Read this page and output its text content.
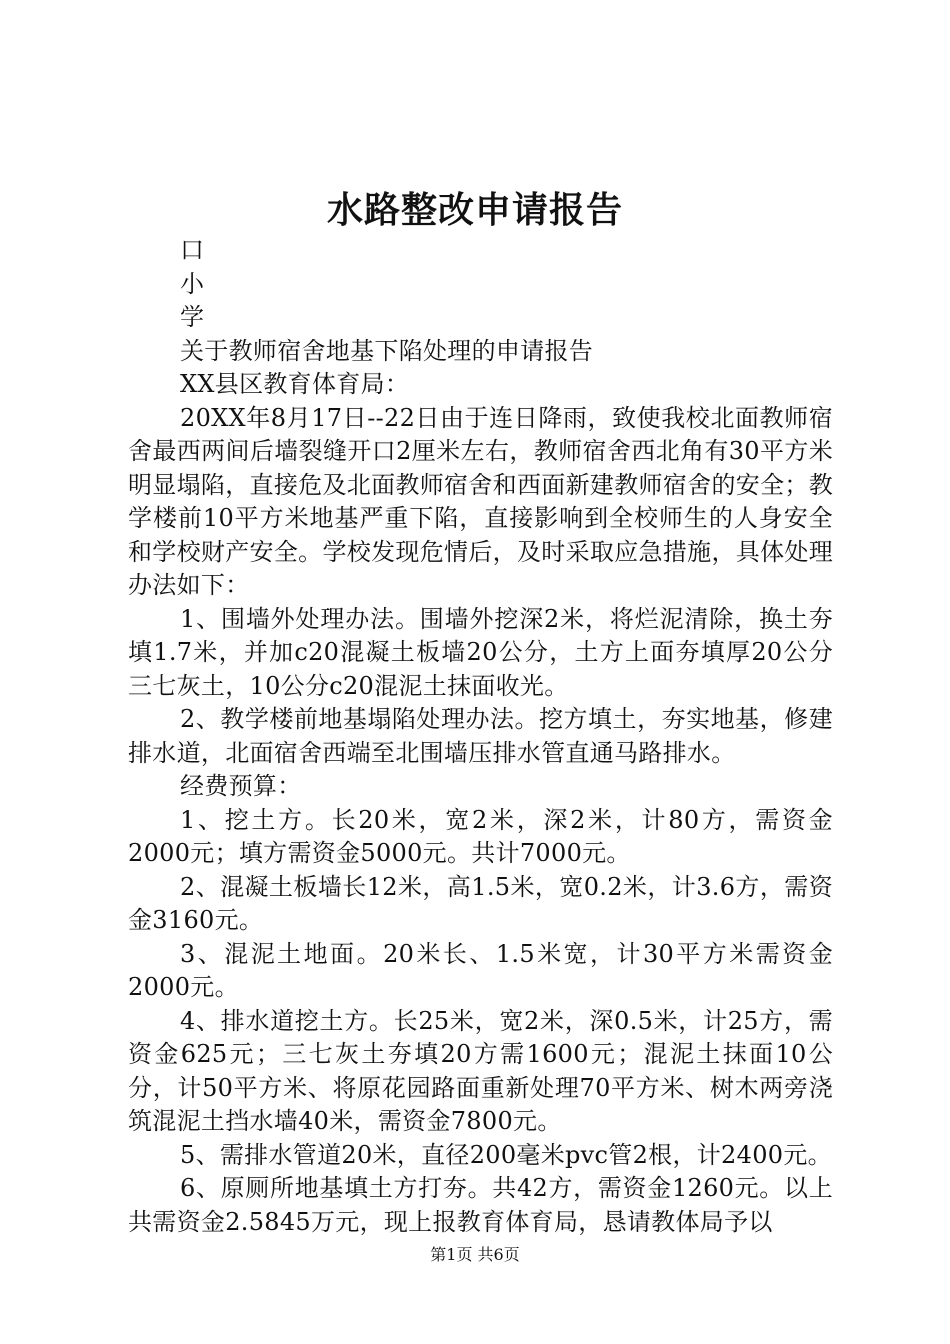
水路整改申请报告

口

小

学

关于教师宿舍地基下陷处理的申请报告

XX县区教育体育局：

20XX年8月17日--22日由于连日降雨，致使我校北面教师宿舍最西两间后墙裂缝开口2厘米左右，教师宿舍西北角有30平方米明显塌陷，直接危及北面教师宿舍和西面新建教师宿舍的安全；教学楼前10平方米地基严重下陷，直接影响到全校师生的人身安全和学校财产安全。学校发现危情后，及时采取应急措施，具体处理办法如下：

1、围墙外处理办法。围墙外挖深2米，将烂泥清除，换土夯填1.7米，并加c20混凝土板墙20公分，土方上面夯填厚20公分三七灰土，10公分c20混泥土抹面收光。

2、教学楼前地基塌陷处理办法。挖方填土，夯实地基，修建排水道，北面宿舍西端至北围墙压排水管直通马路排水。

经费预算：

1、挖土方。长20米，宽2米，深2米，计80方，需资金2000元；填方需资金5000元。共计7000元。

2、混凝土板墙长12米，高1.5米，宽0.2米，计3.6方，需资金3160元。

3、混泥土地面。20米长、1.5米宽，计30平方米需资金2000元。

4、排水道挖土方。长25米，宽2米，深0.5米，计25方，需资金625元；三七灰土夯填20方需1600元；混泥土抹面10公分，计50平方米、将原花园路面重新处理70平方米、树木两旁浇筑混泥土挡水墙40米，需资金7800元。

5、需排水管道20米，直径200毫米pvc管2根，计2400元。

6、原厕所地基填土方打夯。共42方，需资金1260元。以上共需资金2.5845万元，现上报教育体育局，恳请教体局予以

第1页 共6页
